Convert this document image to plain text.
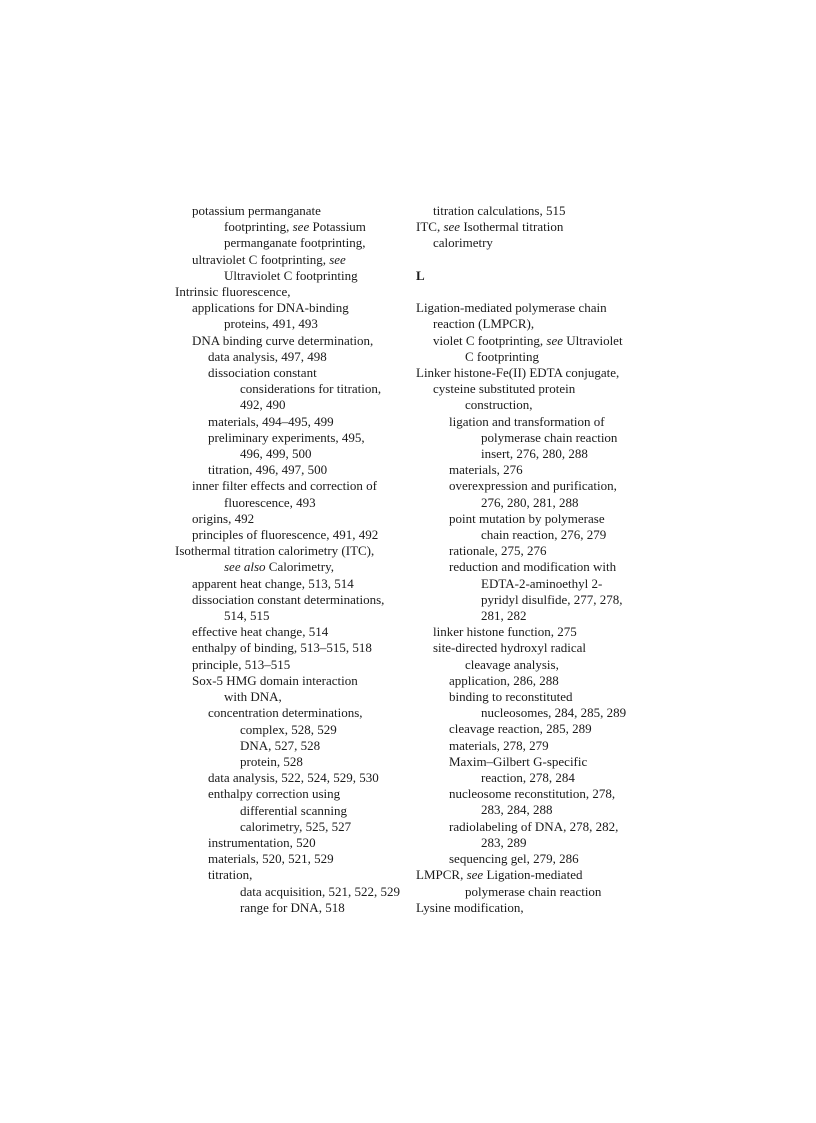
potassium permanganate
footprinting, see Potassium
permanganate footprinting,
ultraviolet C footprinting, see
Ultraviolet C footprinting
Intrinsic fluorescence,
applications for DNA-binding
proteins, 491, 493
DNA binding curve determination,
data analysis, 497, 498
dissociation constant
considerations for titration,
492, 490
materials, 494–495, 499
preliminary experiments, 495,
496, 499, 500
titration, 496, 497, 500
inner filter effects and correction of
fluorescence, 493
origins, 492
principles of fluorescence, 491, 492
Isothermal titration calorimetry (ITC),
see also Calorimetry,
apparent heat change, 513, 514
dissociation constant determinations,
514, 515
effective heat change, 514
enthalpy of binding, 513–515, 518
principle, 513–515
Sox-5 HMG domain interaction
with DNA,
concentration determinations,
complex, 528, 529
DNA, 527, 528
protein, 528
data analysis, 522, 524, 529, 530
enthalpy correction using
differential scanning
calorimetry, 525, 527
instrumentation, 520
materials, 520, 521, 529
titration,
data acquisition, 521, 522, 529
range for DNA, 518
titration calculations, 515
ITC, see Isothermal titration
calorimetry
L
Ligation-mediated polymerase chain
reaction (LMPCR),
violet C footprinting, see Ultraviolet
C footprinting
Linker histone-Fe(II) EDTA conjugate,
cysteine substituted protein
construction,
ligation and transformation of
polymerase chain reaction
insert, 276, 280, 288
materials, 276
overexpression and purification,
276, 280, 281, 288
point mutation by polymerase
chain reaction, 276, 279
rationale, 275, 276
reduction and modification with
EDTA-2-aminoethyl 2-
pyridyl disulfide, 277, 278,
281, 282
linker histone function, 275
site-directed hydroxyl radical
cleavage analysis,
application, 286, 288
binding to reconstituted
nucleosomes, 284, 285, 289
cleavage reaction, 285, 289
materials, 278, 279
Maxim–Gilbert G-specific
reaction, 278, 284
nucleosome reconstitution, 278,
283, 284, 288
radiolabeling of DNA, 278, 282,
283, 289
sequencing gel, 279, 286
LMPCR, see Ligation-mediated
polymerase chain reaction
Lysine modification,
